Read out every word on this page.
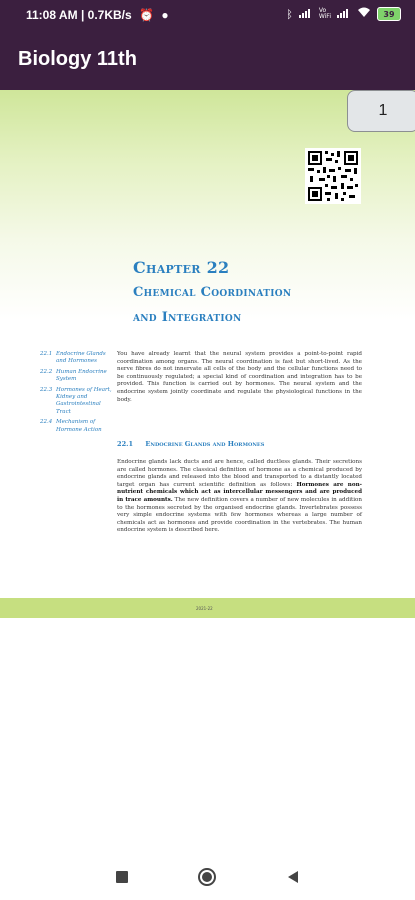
11:08 AM | 0.7KB/s ⏰ ●	ᛒ	Vo
WiFi	39
Biology 11th
1
Chapter 22
Chemical Coordination
and Integration
22.1 Endocrine Glands and Hormones
22.2 Human Endocrine System
22.3 Hormones of Heart, Kidney and Gastrointestinal Tract
22.4 Mechanism of Hormone Action

You have already learnt that the neural system provides a point-to-point rapid coordination among organs. The neural coordination is fast but short-lived. As the nerve fibres do not innervate all cells of the body and the cellular functions need to be continuously regulated; a special kind of coordination and integration has to be provided. This function is carried out by hormones. The neural system and the endocrine system jointly coordinate and regulate the physiological functions in the body.

22.1 Endocrine Glands and Hormones

Endocrine glands lack ducts and are hence, called ductless glands. Their secretions are called hormones. The classical definition of hormone as a chemical produced by endocrine glands and released into the blood and transported to a distantly located target organ has current scientific definition as follows: Hormones are non-nutrient chemicals which act as intercellular messengers and are produced in trace amounts. The new definition covers a number of new molecules in addition to the hormones secreted by the organised endocrine glands. Invertebrates possess very simple endocrine systems with few hormones whereas a large number of chemicals act as hormones and provide coordination in the vertebrates. The human endocrine system is described here.

2021-22
